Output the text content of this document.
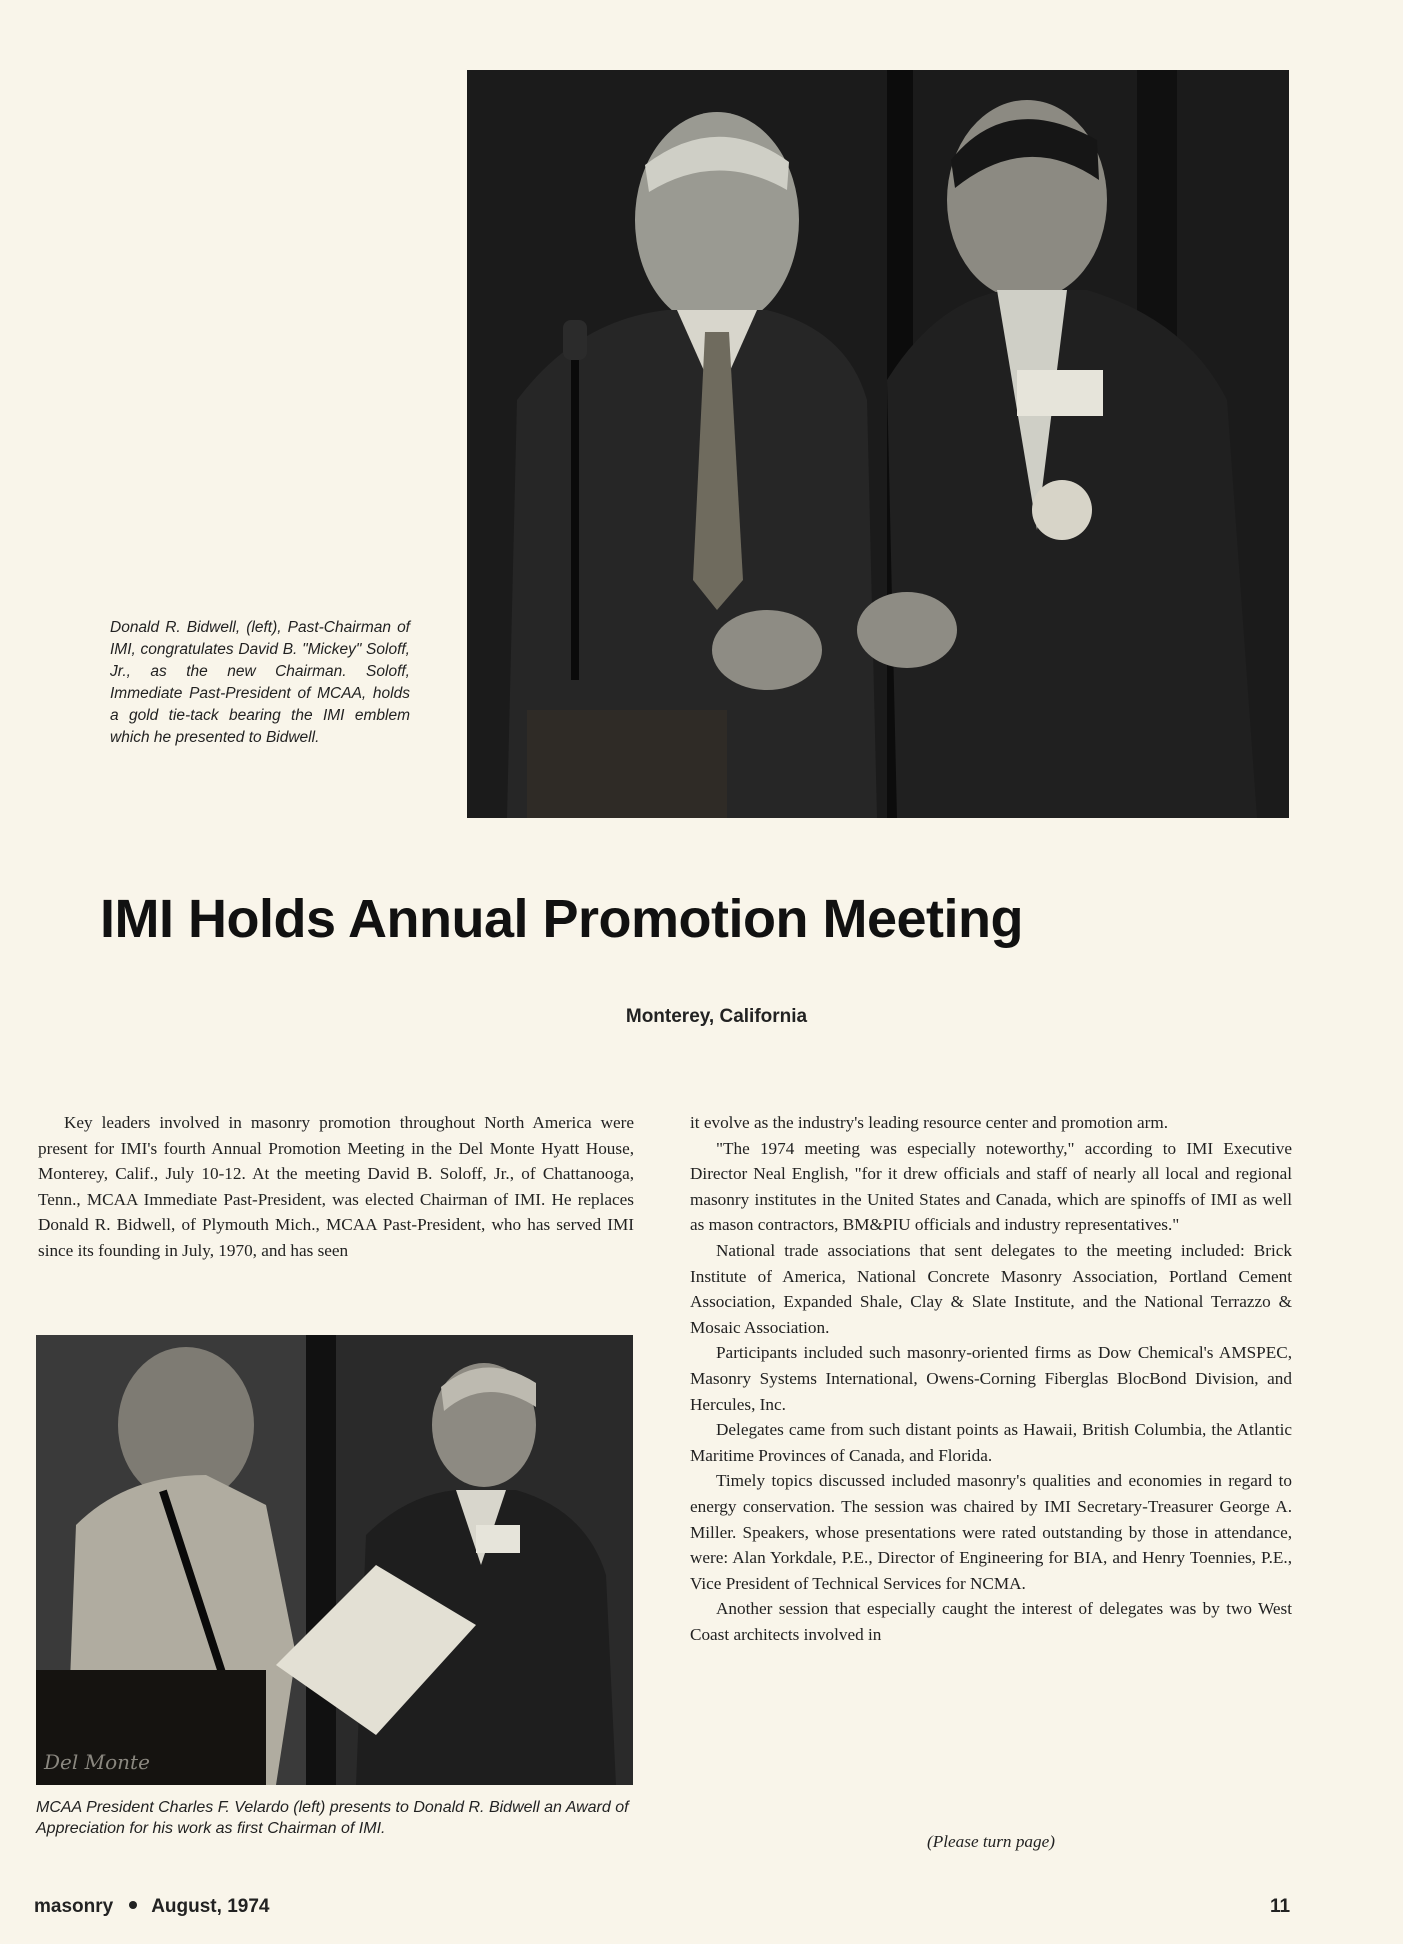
Donald R. Bidwell, (left), Past-Chairman of IMI, congratulates David B. "Mickey" Soloff, Jr., as the new Chairman. Soloff, Immediate Past-President of MCAA, holds a gold tie-tack bearing the IMI emblem which he presented to Bidwell.
IMI Holds Annual Promotion Meeting
Monterey, California

Key leaders involved in masonry promotion throughout North America were present for IMI's fourth Annual Promotion Meeting in the Del Monte Hyatt House, Monterey, Calif., July 10-12. At the meeting David B. Soloff, Jr., of Chattanooga, Tenn., MCAA Immediate Past-President, was elected Chairman of IMI. He replaces Donald R. Bidwell, of Plymouth Mich., MCAA Past-President, who has served IMI since its founding in July, 1970, and has seen

Del Monte
MCAA President Charles F. Velardo (left) presents to Donald R. Bidwell an Award of Appreciation for his work as first Chairman of IMI.

it evolve as the industry's leading resource center and promotion arm.

"The 1974 meeting was especially noteworthy," according to IMI Executive Director Neal English, "for it drew officials and staff of nearly all local and regional masonry institutes in the United States and Canada, which are spinoffs of IMI as well as mason contractors, BM&PIU officials and industry representatives."

National trade associations that sent delegates to the meeting included: Brick Institute of America, National Concrete Masonry Association, Portland Cement Association, Expanded Shale, Clay & Slate Institute, and the National Terrazzo & Mosaic Association.

Participants included such masonry-oriented firms as Dow Chemical's AMSPEC, Masonry Systems International, Owens-Corning Fiberglas BlocBond Division, and Hercules, Inc.

Delegates came from such distant points as Hawaii, British Columbia, the Atlantic Maritime Provinces of Canada, and Florida.

Timely topics discussed included masonry's qualities and economies in regard to energy conservation. The session was chaired by IMI Secretary-Treasurer George A. Miller. Speakers, whose presentations were rated outstanding by those in attendance, were: Alan Yorkdale, P.E., Director of Engineering for BIA, and Henry Toennies, P.E., Vice President of Technical Services for NCMA.

Another session that especially caught the interest of delegates was by two West Coast architects involved in

(Please turn page)
masonry August, 1974	11
